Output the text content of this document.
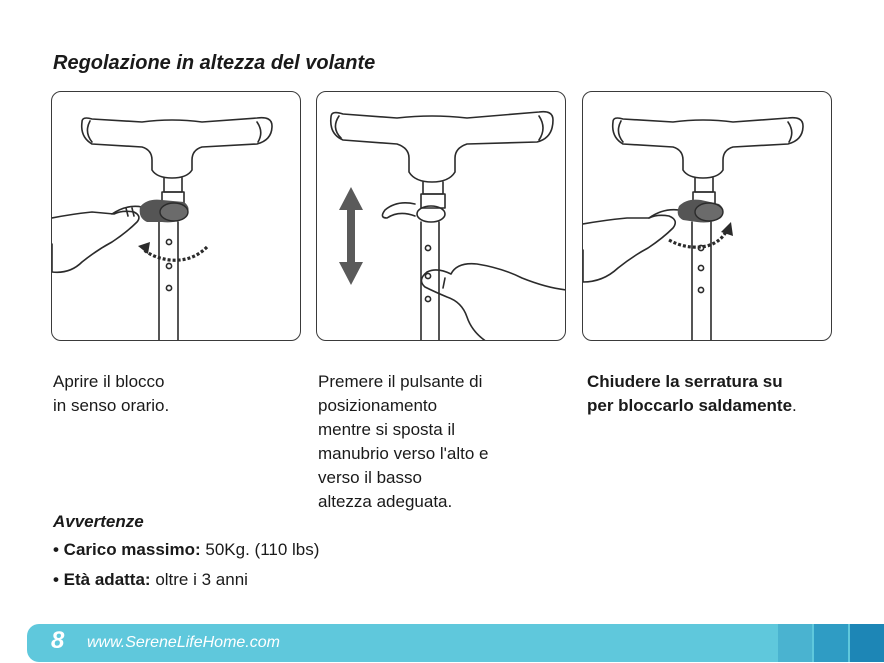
Regolazione in altezza del volante
Aprire il blocco
in senso orario.
Premere il pulsante di
posizionamento
mentre si sposta il
manubrio verso l'alto e
verso il basso
altezza adeguata.
Chiudere la serratura su
per bloccarlo saldamente.
Avvertenze
• Carico massimo: 50Kg. (110 lbs)
• Età adatta: oltre i 3 anni
8 www.SereneLifeHome.com
